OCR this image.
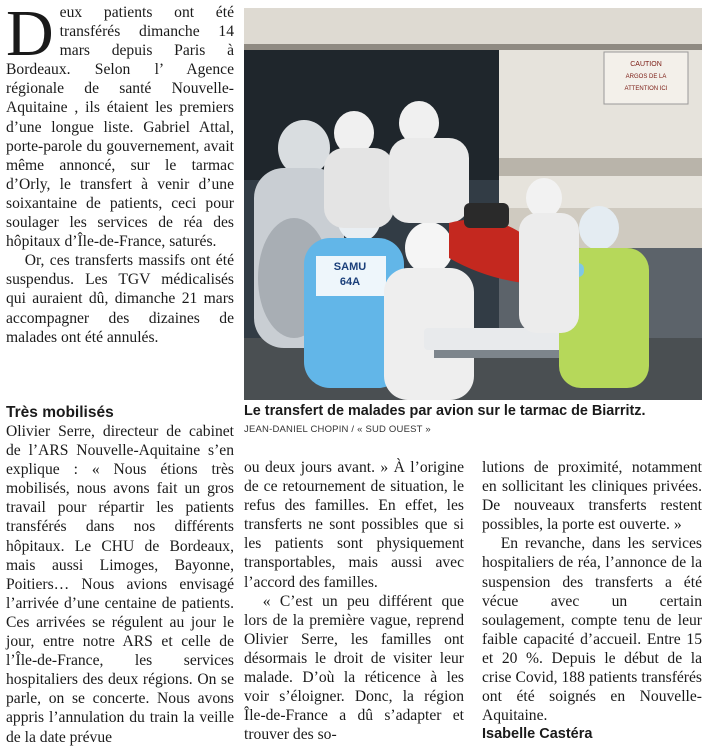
Deux patients ont été transférés dimanche 14 mars depuis Paris à Bordeaux. Selon l’ Agence régionale de santé Nouvelle-Aquitaine , ils étaient les premiers d’une longue liste. Gabriel Attal, porte-parole du gouvernement, avait même annoncé, sur le tarmac d’Orly, le transfert à venir d’une soixantaine de patients, ceci pour soulager les services de réa des hôpitaux d’Île-de-France, saturés.

Or, ces transferts massifs ont été suspendus. Les TGV médicalisés qui auraient dû, dimanche 21 mars accompagner des dizaines de malades ont été annulés.

Très mobilisés

Olivier Serre, directeur de cabinet de l’ARS Nouvelle-Aquitaine s’en explique : « Nous étions très mobilisés, nous avons fait un gros travail pour répartir les patients transférés dans nos différents hôpitaux. Le CHU de Bordeaux, mais aussi Limoges, Bayonne, Poitiers… Nous avions envisagé l’arrivée d’une centaine de patients. Ces arrivées se régulent au jour le jour, entre notre ARS et celle de l’Île-de-France, les services hospitaliers des deux régions. On se parle, on se concerte. Nous avons appris l’annulation du train la veille de la date prévue

CAUTION
ARGOS DE LA
ATTENTION ICI
SAMU
64A
Le transfert de malades par avion sur le tarmac de Biarritz.
JEAN-DANIEL CHOPIN / « SUD OUEST »

ou deux jours avant. » À l’origine de ce retournement de situation, le refus des familles. En effet, les transferts ne sont possibles que si les patients sont physiquement transportables, mais aussi avec l’accord des familles.

« C’est un peu différent que lors de la première vague, reprend Olivier Serre, les familles ont désormais le droit de visiter leur malade. D’où la réticence à les voir s’éloigner. Donc, la région Île-de-France a dû s’adapter et trouver des so-

lutions de proximité, notamment en sollicitant les cliniques privées. De nouveaux transferts restent possibles, la porte est ouverte. »

En revanche, dans les services hospitaliers de réa, l’annonce de la suspension des transferts a été vécue avec un certain soulagement, compte tenu de leur faible capacité d’accueil. Entre 15 et 20 %. Depuis le début de la crise Covid, 188 patients transférés ont été soignés en Nouvelle-Aquitaine.

Isabelle Castéra
